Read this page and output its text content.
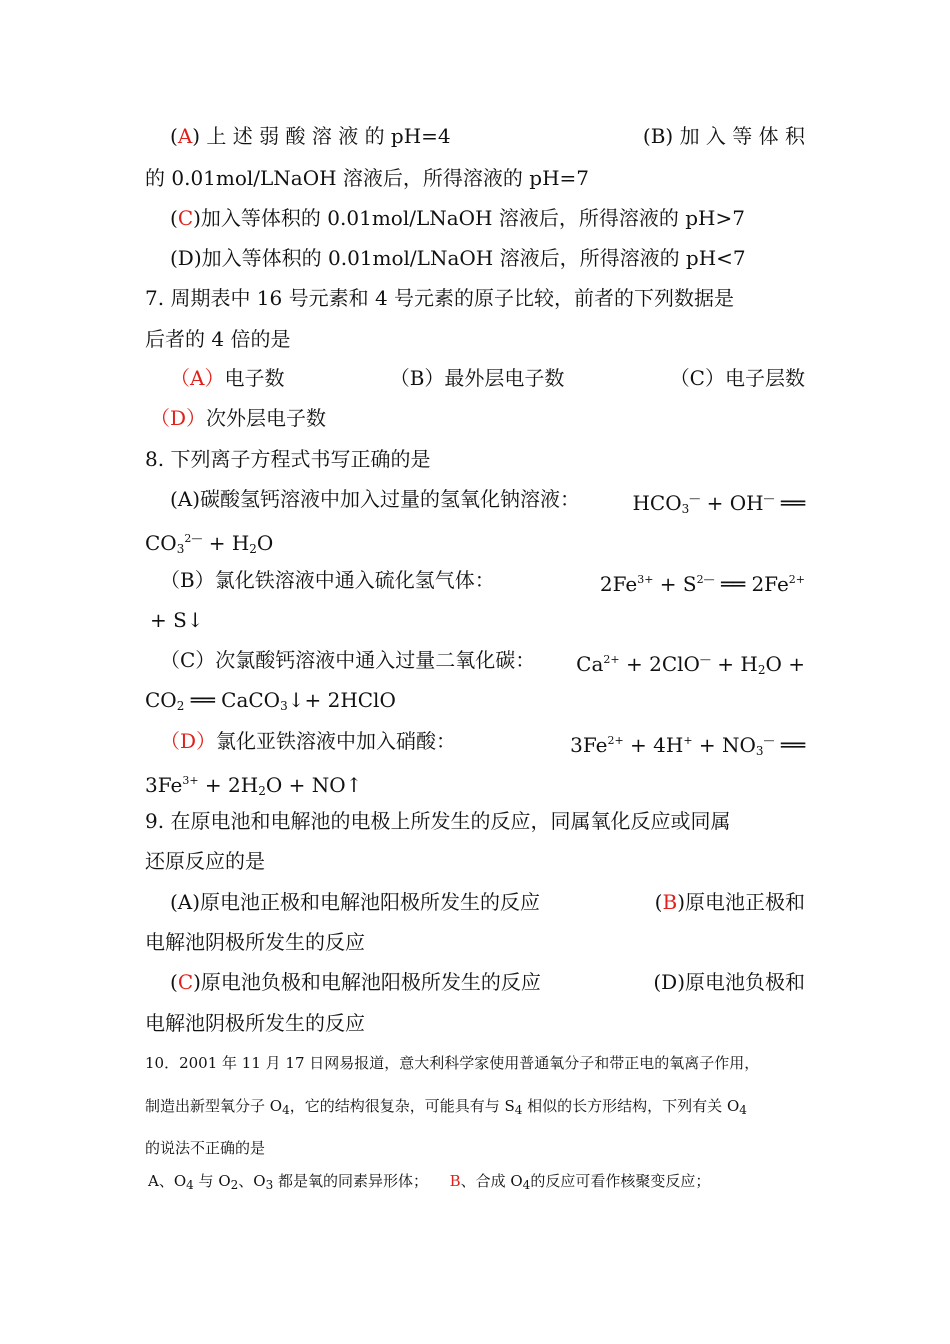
(A) 上 述 弱 酸 溶 液 的 pH=4	(B) 加 入 等 体 积
的 0.01mol/LNaOH 溶液后，所得溶液的 pH=7
(C)加入等体积的 0.01mol/LNaOH 溶液后，所得溶液的 pH>7
(D)加入等体积的 0.01mol/LNaOH 溶液后，所得溶液的 pH<7
7. 周期表中 16 号元素和 4 号元素的原子比较，前者的下列数据是
后者的 4 倍的是
（A）电子数	（B）最外层电子数	（C）电子层数
（D）次外层电子数
8. 下列离子方程式书写正确的是
(A)碳酸氢钙溶液中加入过量的氢氧化钠溶液：	$HCO_3^— + OH^—$ ══
$CO_3^{2—} + H_2O$
（B）氯化铁溶液中通入硫化氢气体：	$2Fe^{3+} + S^{2—}$ ══ $2Fe^{2+}$
+ S↓
（C）次氯酸钙溶液中通入过量二氧化碳： $Ca^{2+} + 2ClO^— + H_2O$ +
$CO_2$ ══ CaCO$_3$↓+ 2HClO
（D）氯化亚铁溶液中加入硝酸：	$3Fe^{2+} + 4H^+ + NO_3^—$ ══
$3Fe^{3+} + 2H_2O$ + NO↑
9. 在原电池和电解池的电极上所发生的反应，同属氧化反应或同属
还原反应的是
(A)原电池正极和电解池阳极所发生的反应	(B)原电池正极和
电解池阴极所发生的反应
(C)原电池负极和电解池阳极所发生的反应	(D)原电池负极和
电解池阴极所发生的反应
10．2001 年 11 月 17 日网易报道，意大利科学家使用普通氧分子和带正电的氧离子作用，
制造出新型氧分子 $O_4$，它的结构很复杂，可能具有与 $S_4$ 相似的长方形结构，下列有关 $O_4$
的说法不正确的是
A、$O_4$ 与 $O_2$、$O_3$ 都是氧的同素异形体； B、合成 $O_4$的反应可看作核聚变反应；
